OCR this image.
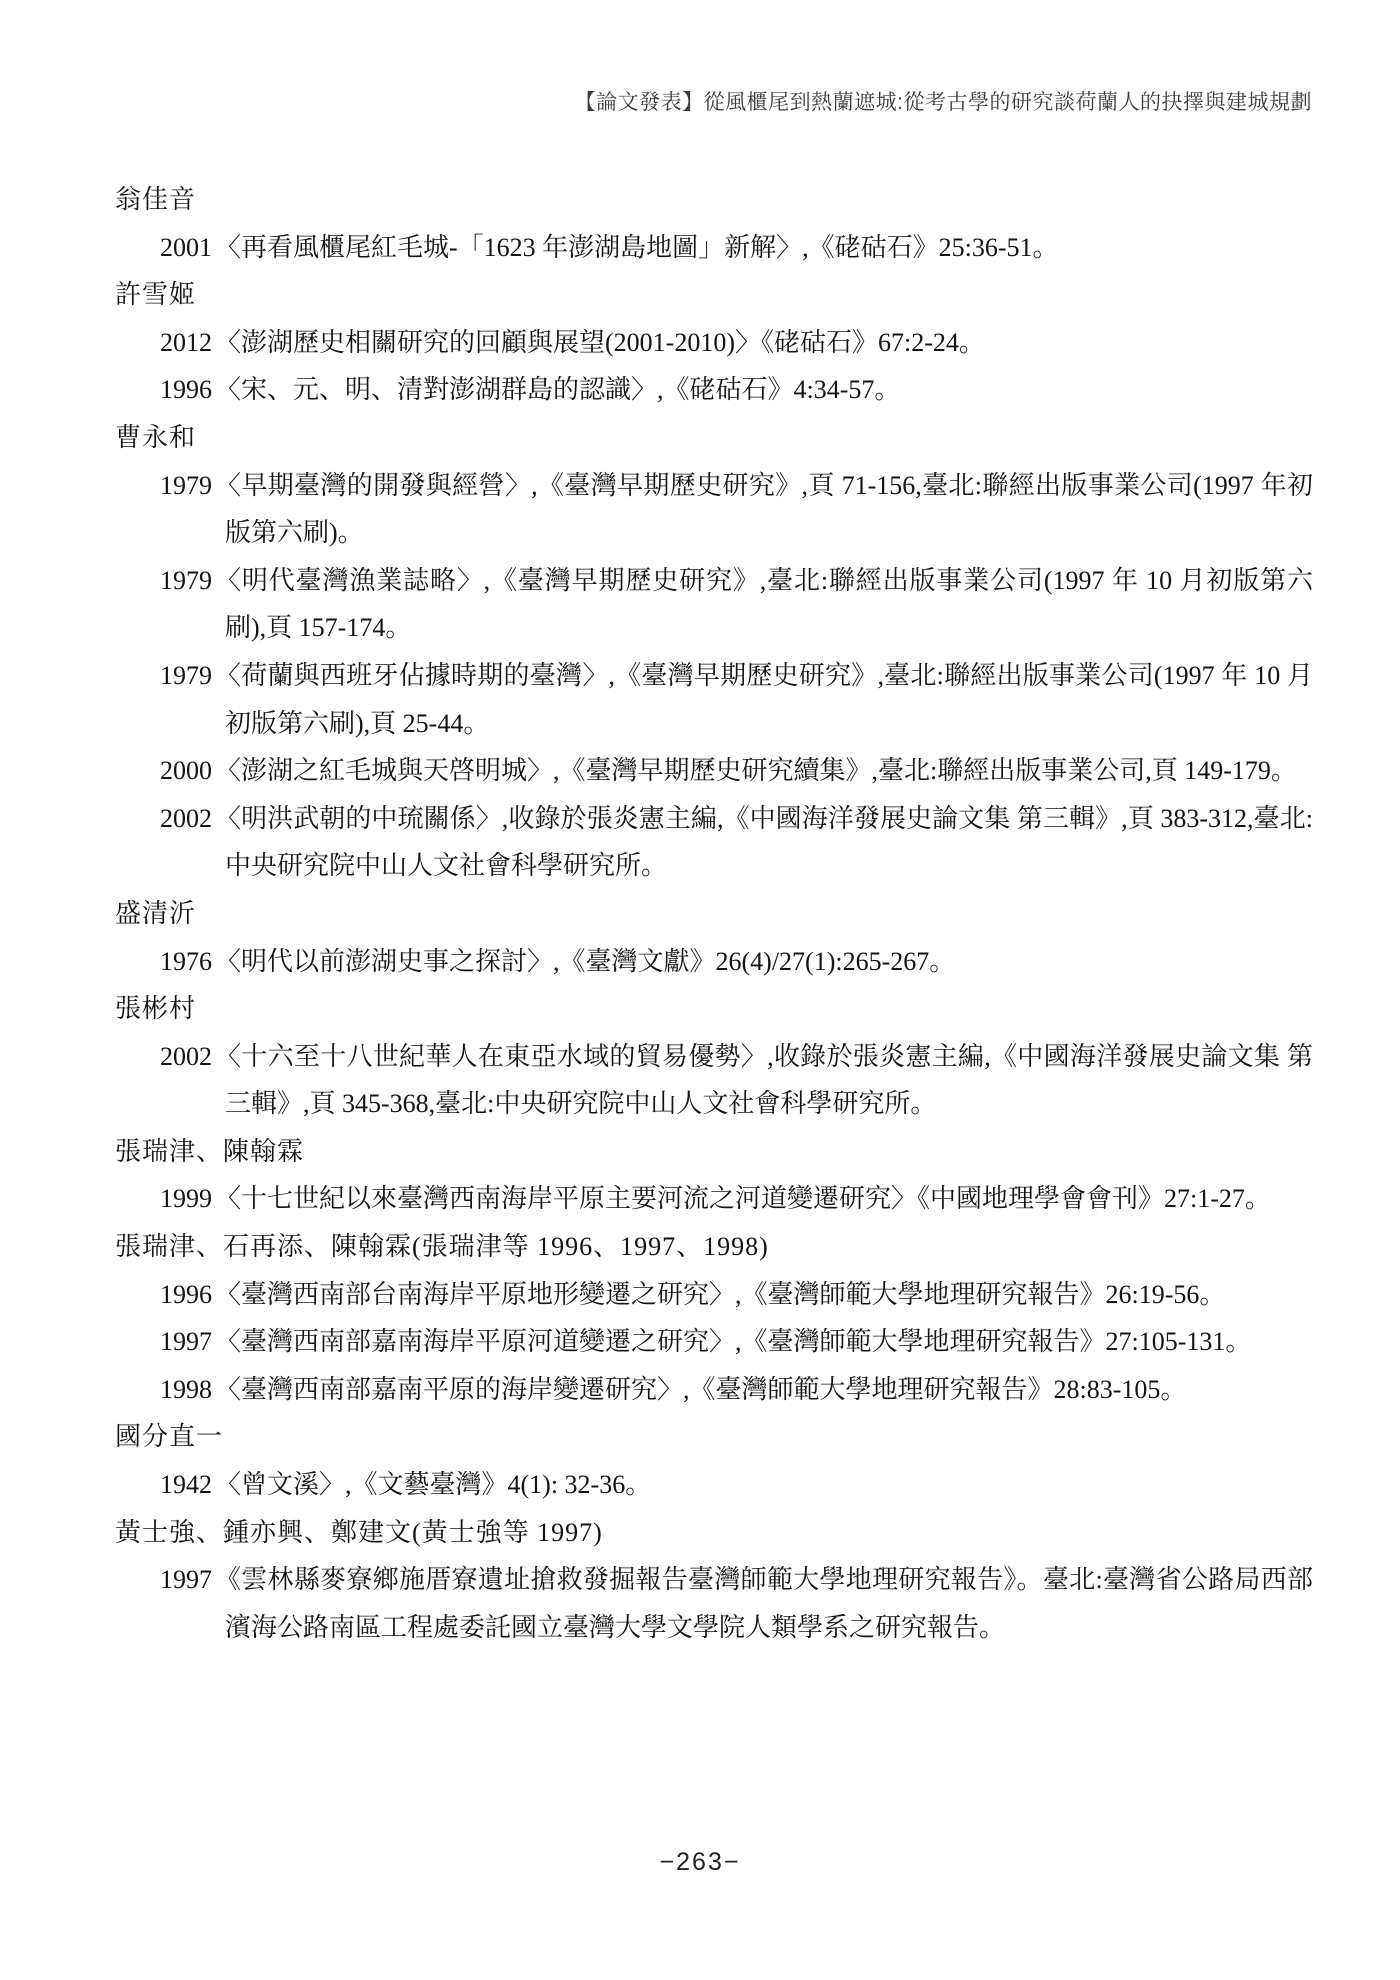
【論文發表】從風櫃尾到熱蘭遮城:從考古學的研究談荷蘭人的抉擇與建城規劃
翁佳音
2001 〈再看風櫃尾紅毛城-「1623 年澎湖島地圖」新解〉,《硓𥑮石》25:36-51。
許雪姬
2012 〈澎湖歷史相關研究的回顧與展望(2001-2010)〉《硓𥑮石》67:2-24。
1996 〈宋、元、明、清對澎湖群島的認識〉,《硓𥑮石》4:34-57。
曹永和
1979 〈早期臺灣的開發與經營〉,《臺灣早期歷史研究》,頁 71-156,臺北:聯經出版事業公司(1997 年初版第六刷)。
1979 〈明代臺灣漁業誌略〉,《臺灣早期歷史研究》,臺北:聯經出版事業公司(1997 年 10 月初版第六刷),頁 157-174。
1979 〈荷蘭與西班牙佔據時期的臺灣〉,《臺灣早期歷史研究》,臺北:聯經出版事業公司(1997 年 10 月初版第六刷),頁 25-44。
2000 〈澎湖之紅毛城與天啓明城〉,《臺灣早期歷史研究續集》,臺北:聯經出版事業公司,頁 149-179。
2002 〈明洪武朝的中琉關係〉,收錄於張炎憲主編,《中國海洋發展史論文集 第三輯》,頁 383-312,臺北:中央研究院中山人文社會科學研究所。
盛清沂
1976 〈明代以前澎湖史事之探討〉,《臺灣文獻》26(4)/27(1):265-267。
張彬村
2002 〈十六至十八世紀華人在東亞水域的貿易優勢〉,收錄於張炎憲主編,《中國海洋發展史論文集 第三輯》,頁 345-368,臺北:中央研究院中山人文社會科學研究所。
張瑞津、陳翰霖
1999 〈十七世紀以來臺灣西南海岸平原主要河流之河道變遷研究〉《中國地理學會會刊》27:1-27。
張瑞津、石再添、陳翰霖(張瑞津等 1996、1997、1998)
1996 〈臺灣西南部台南海岸平原地形變遷之研究〉,《臺灣師範大學地理研究報告》26:19-56。
1997 〈臺灣西南部嘉南海岸平原河道變遷之研究〉,《臺灣師範大學地理研究報告》27:105-131。
1998 〈臺灣西南部嘉南平原的海岸變遷研究〉,《臺灣師範大學地理研究報告》28:83-105。
國分直一
1942 〈曾文溪〉,《文藝臺灣》4(1): 32-36。
黃士強、鍾亦興、鄭建文(黃士強等 1997)
1997 《雲林縣麥寮鄉施厝寮遺址搶救發掘報告臺灣師範大學地理研究報告》。臺北:臺灣省公路局西部濱海公路南區工程處委託國立臺灣大學文學院人類學系之研究報告。
−263−
